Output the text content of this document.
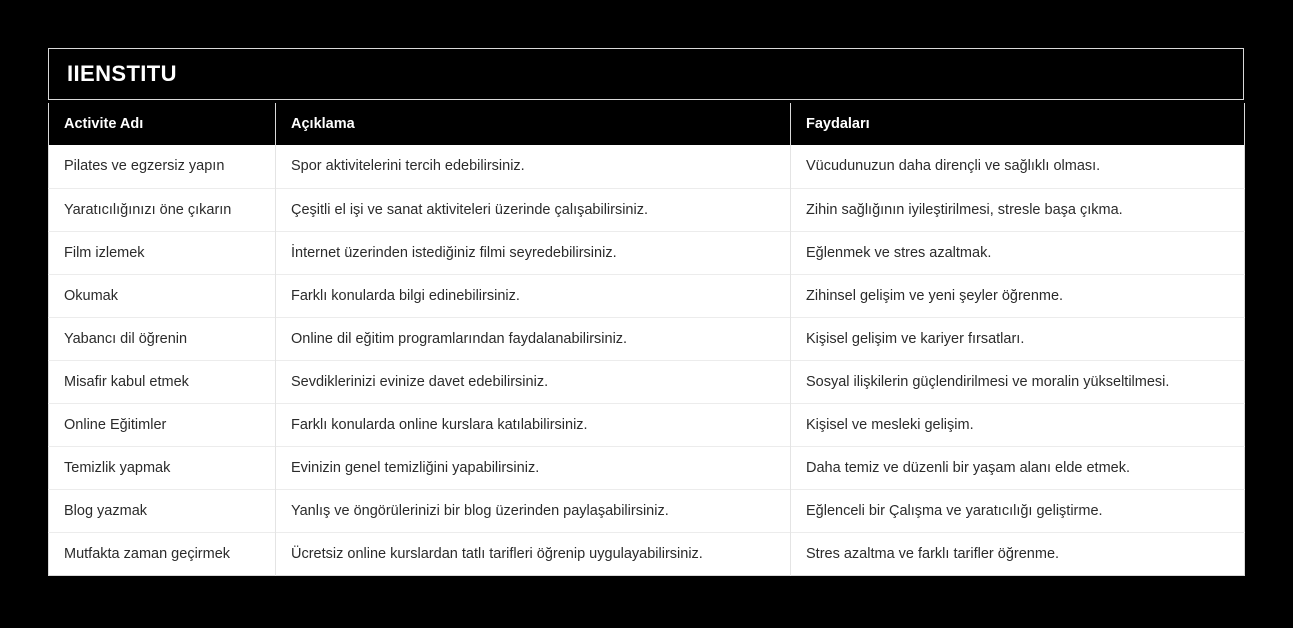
IIENSTITU
Activite Adı	Açıklama	Faydaları
Pilates ve egzersiz yapın	Spor aktivitelerini tercih edebilirsiniz.	Vücudunuzun daha dirençli ve sağlıklı olması.
Yaratıcılığınızı öne çıkarın	Çeşitli el işi ve sanat aktiviteleri üzerinde çalışabilirsiniz.	Zihin sağlığının iyileştirilmesi, stresle başa çıkma.
Film izlemek	İnternet üzerinden istediğiniz filmi seyredebilirsiniz.	Eğlenmek ve stres azaltmak.
Okumak	Farklı konularda bilgi edinebilirsiniz.	Zihinsel gelişim ve yeni şeyler öğrenme.
Yabancı dil öğrenin	Online dil eğitim programlarından faydalanabilirsiniz.	Kişisel gelişim ve kariyer fırsatları.
Misafir kabul etmek	Sevdiklerinizi evinize davet edebilirsiniz.	Sosyal ilişkilerin güçlendirilmesi ve moralin yükseltilmesi.
Online Eğitimler	Farklı konularda online kurslara katılabilirsiniz.	Kişisel ve mesleki gelişim.
Temizlik yapmak	Evinizin genel temizliğini yapabilirsiniz.	Daha temiz ve düzenli bir yaşam alanı elde etmek.
Blog yazmak	Yanlış ve öngörülerinizi bir blog üzerinden paylaşabilirsiniz.	Eğlenceli bir Çalışma ve yaratıcılığı geliştirme.
Mutfakta zaman geçirmek	Ücretsiz online kurslardan tatlı tarifleri öğrenip uygulayabilirsiniz.	Stres azaltma ve farklı tarifler öğrenme.
